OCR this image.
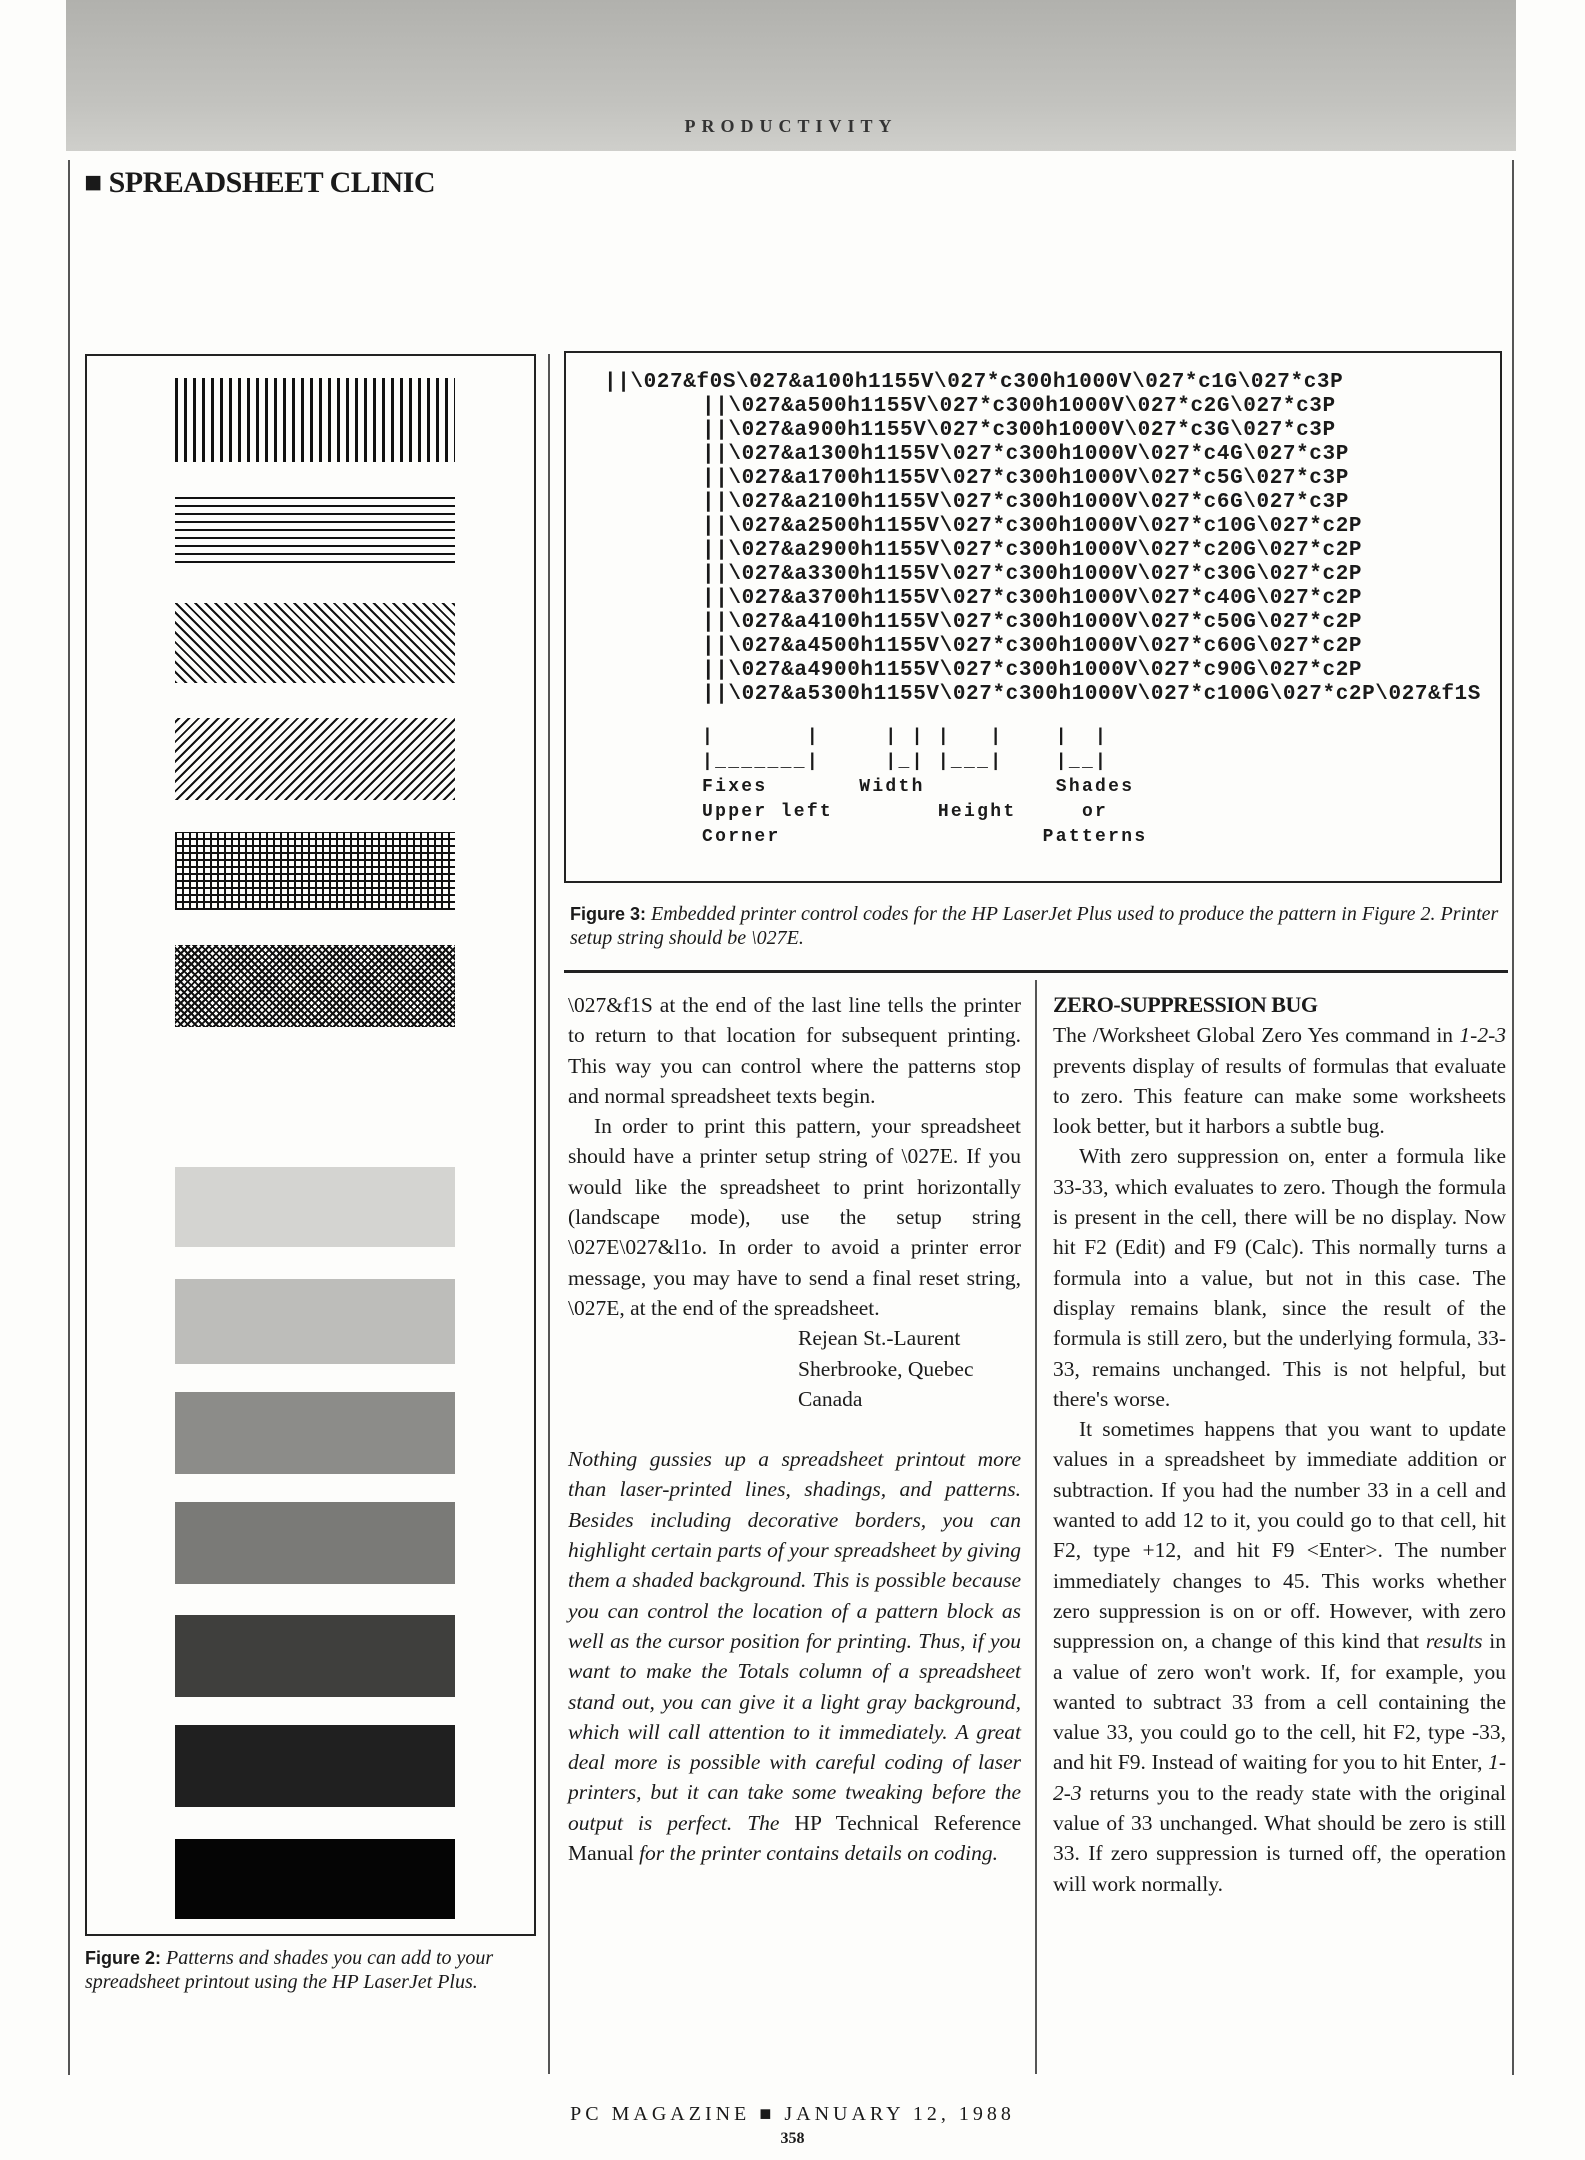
PRODUCTIVITY
■ SPREADSHEET CLINIC
Figure 2: Patterns and shades you can add to your spreadsheet printout using the HP LaserJet Plus.
||\027&f0S\027&a100h1155V\027*c300h1000V\027*c1G\027*c3P
||\027&a500h1155V\027*c300h1000V\027*c2G\027*c3P
||\027&a900h1155V\027*c300h1000V\027*c3G\027*c3P
||\027&a1300h1155V\027*c300h1000V\027*c4G\027*c3P
||\027&a1700h1155V\027*c300h1000V\027*c5G\027*c3P
||\027&a2100h1155V\027*c300h1000V\027*c6G\027*c3P
||\027&a2500h1155V\027*c300h1000V\027*c10G\027*c2P
||\027&a2900h1155V\027*c300h1000V\027*c20G\027*c2P
||\027&a3300h1155V\027*c300h1000V\027*c30G\027*c2P
||\027&a3700h1155V\027*c300h1000V\027*c40G\027*c2P
||\027&a4100h1155V\027*c300h1000V\027*c50G\027*c2P
||\027&a4500h1155V\027*c300h1000V\027*c60G\027*c2P
||\027&a4900h1155V\027*c300h1000V\027*c90G\027*c2P
||\027&a5300h1155V\027*c300h1000V\027*c100G\027*c2P\027&f1S
|       |     | | |   |    |  |
|_______|     |_| |___|    |__|
Fixes       Width          Shades
Upper left        Height     or
Corner                    Patterns
Figure 3: Embedded printer control codes for the HP LaserJet Plus used to produce the pattern in Figure 2. Printer setup string should be \027E.

\027&f1S at the end of the last line tells the printer to return to that location for subsequent printing. This way you can control where the patterns stop and normal spreadsheet texts begin.

In order to print this pattern, your spreadsheet should have a printer setup string of \027E. If you would like the spreadsheet to print horizontally (landscape mode), use the setup string \027E\027&l1o. In order to avoid a printer error message, you may have to send a final reset string, \027E, at the end of the spreadsheet.

Rejean St.-Laurent
Sherbrooke, Quebec
Canada

Nothing gussies up a spreadsheet printout more than laser-printed lines, shadings, and patterns. Besides including decorative borders, you can highlight certain parts of your spreadsheet by giving them a shaded background. This is possible because you can control the location of a pattern block as well as the cursor position for printing. Thus, if you want to make the Totals column of a spreadsheet stand out, you can give it a light gray background, which will call attention to it immediately. A great deal more is possible with careful coding of laser printers, but it can take some tweaking before the output is perfect. The HP Technical Reference Manual for the printer contains details on coding.

ZERO-SUPPRESSION BUG

The /Worksheet Global Zero Yes command in 1-2-3 prevents display of results of formulas that evaluate to zero. This feature can make some worksheets look better, but it harbors a subtle bug.

With zero suppression on, enter a formula like 33-33, which evaluates to zero. Though the formula is present in the cell, there will be no display. Now hit F2 (Edit) and F9 (Calc). This normally turns a formula into a value, but not in this case. The display remains blank, since the result of the formula is still zero, but the underlying formula, 33-33, remains unchanged. This is not helpful, but there's worse.

It sometimes happens that you want to update values in a spreadsheet by immediate addition or subtraction. If you had the number 33 in a cell and wanted to add 12 to it, you could go to that cell, hit F2, type +12, and hit F9 <Enter>. The number immediately changes to 45. This works whether zero suppression is on or off. However, with zero suppression on, a change of this kind that results in a value of zero won't work. If, for example, you wanted to subtract 33 from a cell containing the value 33, you could go to the cell, hit F2, type -33, and hit F9. Instead of waiting for you to hit Enter, 1-2-3 returns you to the ready state with the original value of 33 unchanged. What should be zero is still 33. If zero suppression is turned off, the operation will work normally.

PC MAGAZINE ■ JANUARY 12, 1988
358
